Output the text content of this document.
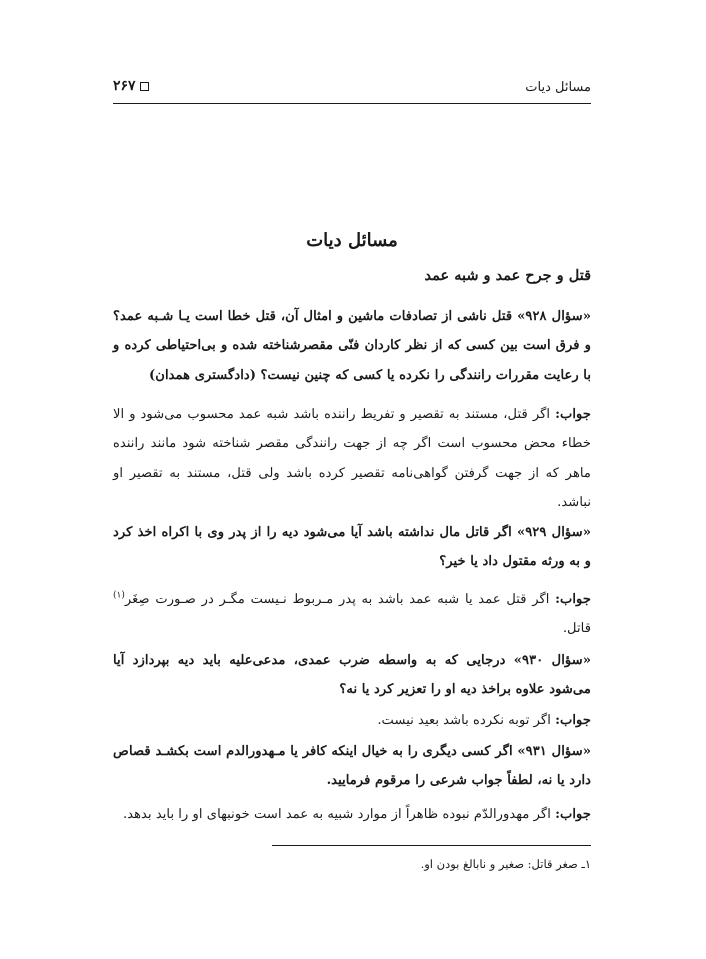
مسائل دیات
۲۶۷
مسائل دیات
قتل و جرح عمد و شبه عمد
«سؤال ۹۲۸» قتل ناشی از تصادفات ماشین و امثال آن، قتل خطا است یـا شـبه عمد؟ و فرق است بین کسی که از نظر کاردان فنّی مقصرشناخته شده و بی‌احتیاطی کرده و با رعایت مقررات رانندگی را نکرده یا کسی که چنین نیست؟ (دادگستری همدان)
جواب: اگر قتل، مستند به تقصیر و تفریط راننده باشد شبه عمد محسوب می‌شود و الا خطاء محض محسوب است اگر چه از جهت رانندگی مقصر شناخته شود مانند راننده ماهر که از جهت گرفتن گواهی‌نامه تقصیر کرده باشد ولی قتل، مستند به تقصیر او نباشد.
«سؤال ۹۲۹» اگر قاتل مال نداشته باشد آیا می‌شود دیه را از پدر وی با اکراه اخذ کرد و به ورثه مقتول داد یا خیر؟
جواب: اگر قتل عمد یا شبه عمد باشد به پدر مـربوط نـیست مگـر در صـورت صِغَر$^{(۱)}$ قاتل.
«سؤال ۹۳۰» درجایی که به واسطه ضرب عمدی، مدعی‌علیه باید دیه بپردازد آیا می‌شود علاوه براخذ دیه او را تعزیر کرد یا نه؟
جواب: اگر توبه نکرده باشد بعید نیست.
«سؤال ۹۳۱» اگر کسی دیگری را به خیال اینکه کافر یا مـهدورالدم است بکشـد قصاص دارد یا نه، لطفاً جواب شرعی را مرقوم فرمایید.
جواب: اگر مهدورالدّم نبوده ظاهراً از موارد شبیه به عمد است خونبهای او را باید بدهد.
۱ـ صغر قاتل: صغیر و نابالغ بودن او.
